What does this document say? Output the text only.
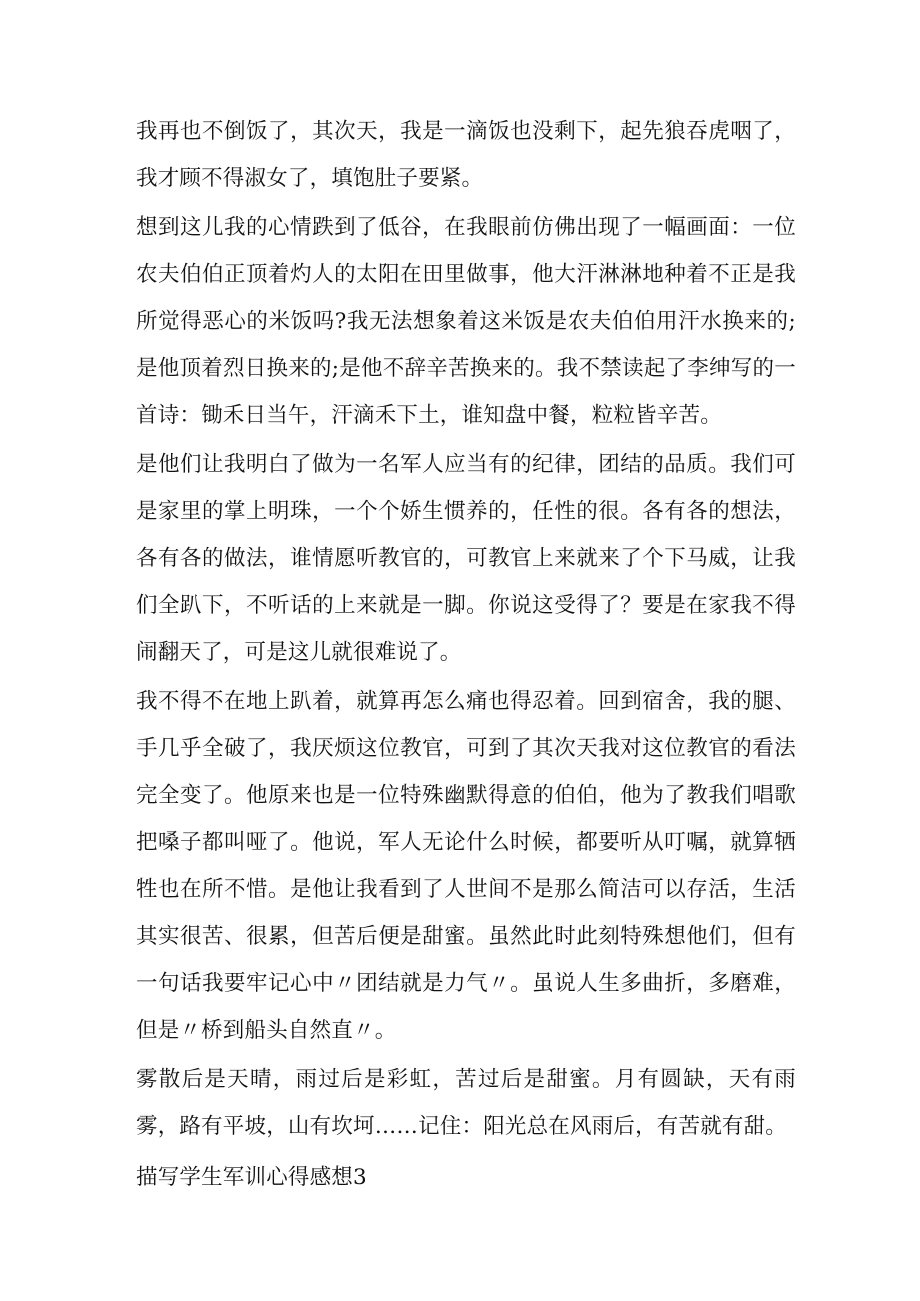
我再也不倒饭了，其次天，我是一滴饭也没剩下，起先狼吞虎咽了，我才顾不得淑女了，填饱肚子要紧。

想到这儿我的心情跌到了低谷，在我眼前仿佛出现了一幅画面：一位农夫伯伯正顶着灼人的太阳在田里做事，他大汗淋淋地种着不正是我所觉得恶心的米饭吗?我无法想象着这米饭是农夫伯伯用汗水换来的;是他顶着烈日换来的;是他不辞辛苦换来的。我不禁读起了李绅写的一首诗：锄禾日当午，汗滴禾下土，谁知盘中餐，粒粒皆辛苦。

是他们让我明白了做为一名军人应当有的纪律，团结的品质。我们可是家里的掌上明珠，一个个娇生惯养的，任性的很。各有各的想法，各有各的做法，谁情愿听教官的，可教官上来就来了个下马威，让我们全趴下，不听话的上来就是一脚。你说这受得了？要是在家我不得闹翻天了，可是这儿就很难说了。

我不得不在地上趴着，就算再怎么痛也得忍着。回到宿舍，我的腿、手几乎全破了，我厌烦这位教官，可到了其次天我对这位教官的看法完全变了。他原来也是一位特殊幽默得意的伯伯，他为了教我们唱歌把嗓子都叫哑了。他说，军人无论什么时候，都要听从叮嘱，就算牺牲也在所不惜。是他让我看到了人世间不是那么简洁可以存活，生活其实很苦、很累，但苦后便是甜蜜。虽然此时此刻特殊想他们，但有一句话我要牢记心中〃团结就是力气〃。虽说人生多曲折，多磨难，但是〃桥到船头自然直〃。

雾散后是天晴，雨过后是彩虹，苦过后是甜蜜。月有圆缺，天有雨雾，路有平坡，山有坎坷……记住：阳光总在风雨后，有苦就有甜。

描写学生军训心得感想3
